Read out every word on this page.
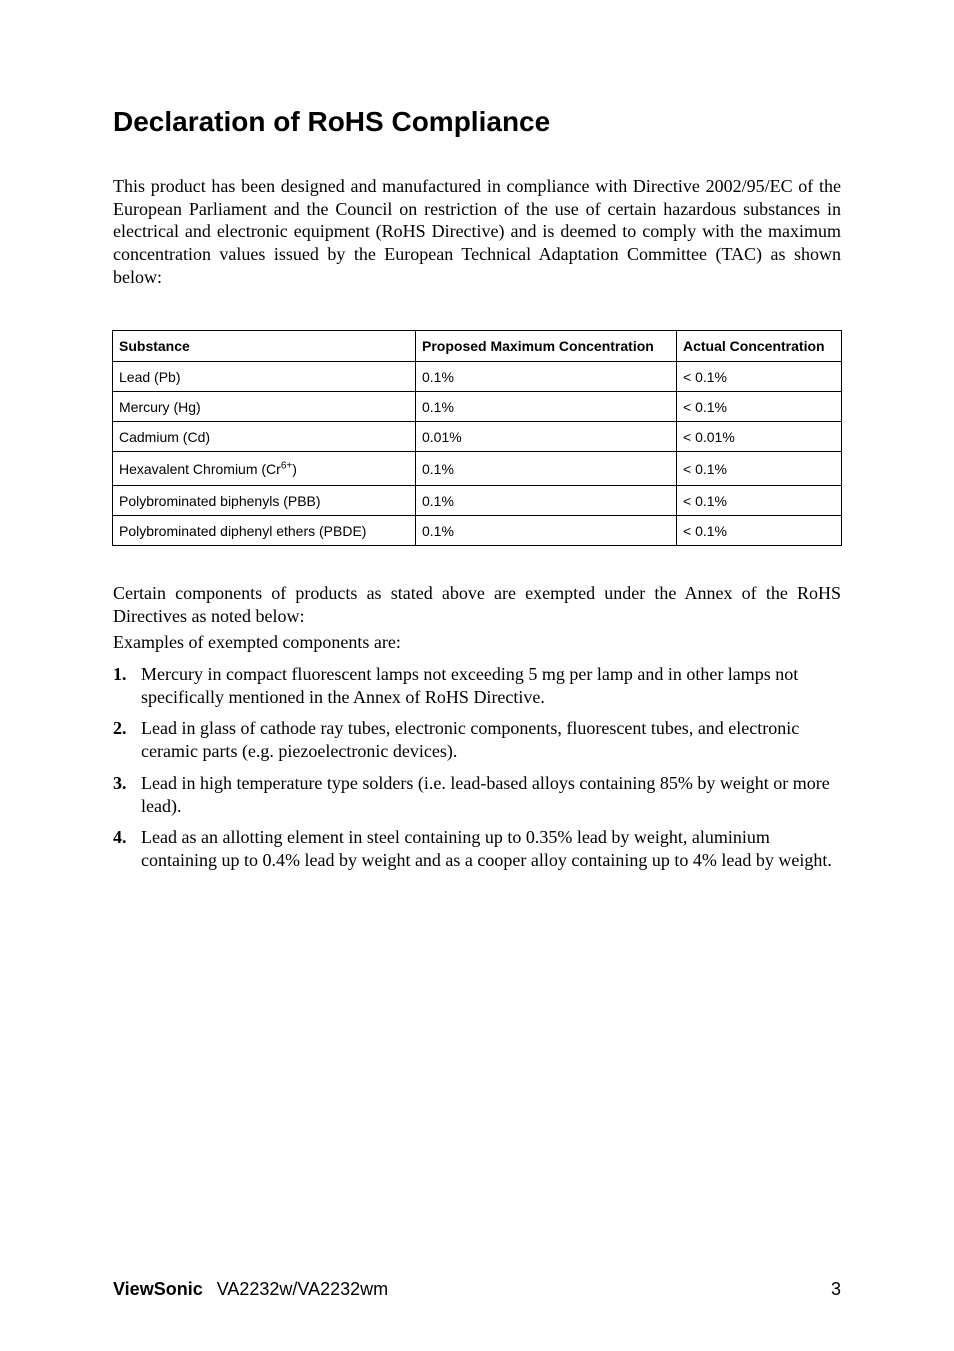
Declaration of RoHS Compliance

This product has been designed and manufactured in compliance with Directive 2002/95/EC of the European Parliament and the Council on restriction of the use of certain hazardous substances in electrical and electronic equipment (RoHS Directive) and is deemed to comply with the maximum concentration values issued by the European Technical Adaptation Committee (TAC) as shown below:

Substance	Proposed Maximum Concentration	Actual Concentration
Lead (Pb)	0.1%	< 0.1%
Mercury (Hg)	0.1%	< 0.1%
Cadmium (Cd)	0.01%	< 0.01%
Hexavalent Chromium $(Cr^{6+})$	0.1%	< 0.1%
Polybrominated biphenyls (PBB)	0.1%	< 0.1%
Polybrominated diphenyl ethers (PBDE)	0.1%	< 0.1%

Certain components of products as stated above are exempted under the Annex of the RoHS Directives as noted below:

Examples of exempted components are:

1. Mercury in compact fluorescent lamps not exceeding 5 mg per lamp and in other lamps not specifically mentioned in the Annex of RoHS Directive.
2. Lead in glass of cathode ray tubes, electronic components, fluorescent tubes, and electronic ceramic parts (e.g. piezoelectronic devices).
3. Lead in high temperature type solders (i.e. lead-based alloys containing 85% by weight or more lead).
4. Lead as an allotting element in steel containing up to 0.35% lead by weight, aluminium containing up to 0.4% lead by weight and as a cooper alloy containing up to 4% lead by weight.
ViewSonic VA2232w/VA2232wm	3
